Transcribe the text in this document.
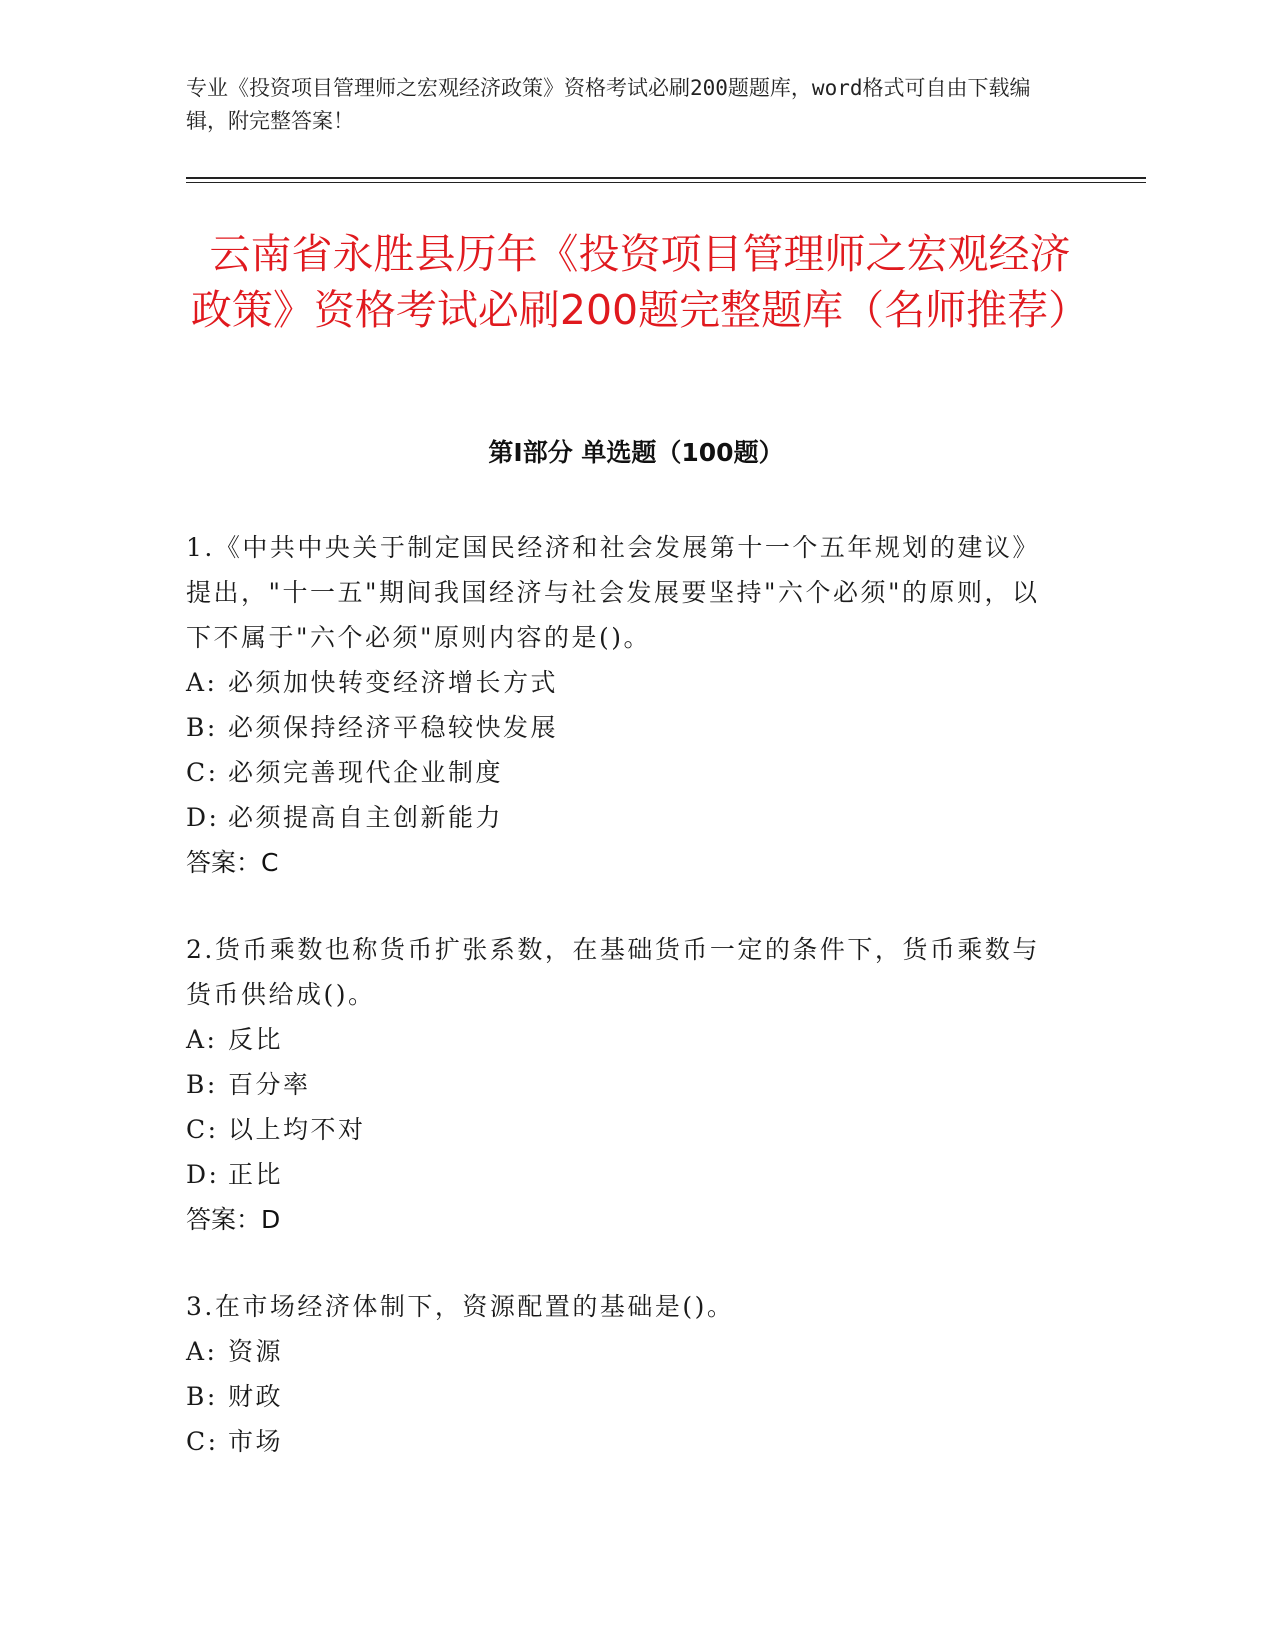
专业《投资项目管理师之宏观经济政策》资格考试必刷200题题库，word格式可自由下载编辑，附完整答案！
云南省永胜县历年《投资项目管理师之宏观经济政策》资格考试必刷200题完整题库（名师推荐）
第Ⅰ部分 单选题（100题）

1.《中共中央关于制定国民经济和社会发展第十一个五年规划的建议》提出，"十一五"期间我国经济与社会发展要坚持"六个必须"的原则，以下不属于"六个必须"原则内容的是()。

A: 必须加快转变经济增长方式

B: 必须保持经济平稳较快发展

C: 必须完善现代企业制度

D: 必须提高自主创新能力

答案：C

2.货币乘数也称货币扩张系数，在基础货币一定的条件下，货币乘数与货币供给成()。

A: 反比

B: 百分率

C: 以上均不对

D: 正比

答案：D

3.在市场经济体制下，资源配置的基础是()。

A: 资源

B: 财政

C: 市场
